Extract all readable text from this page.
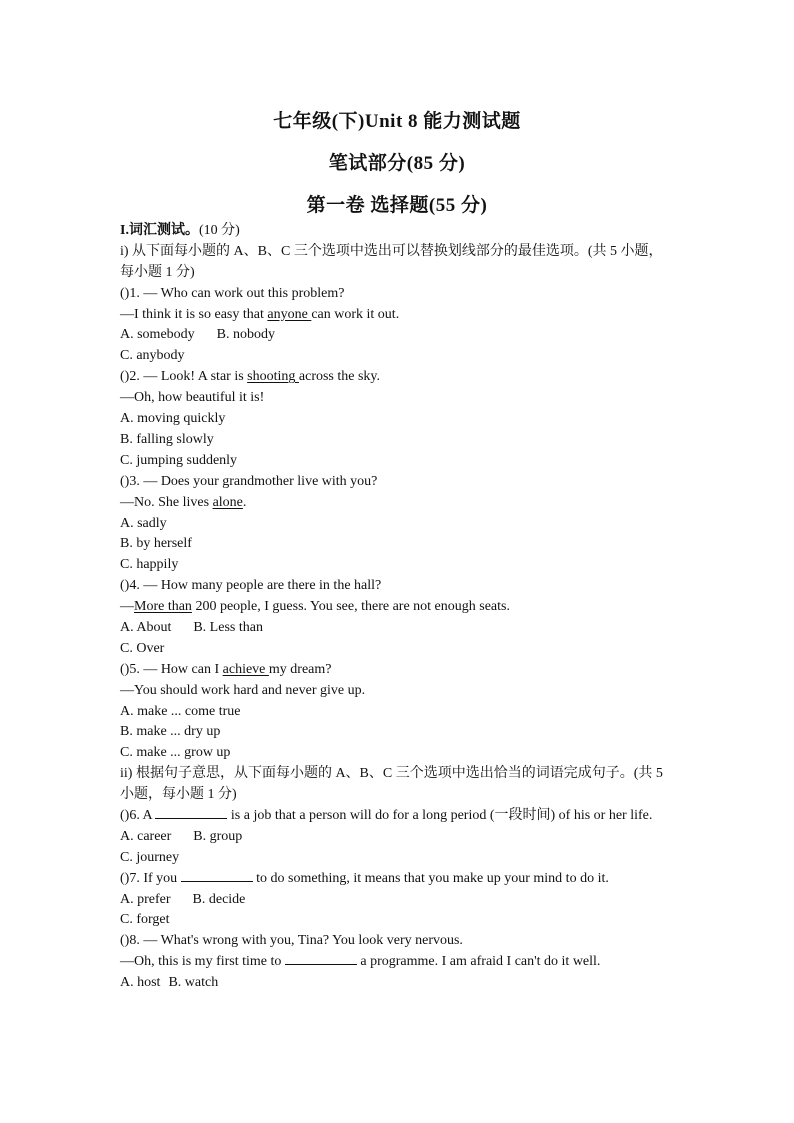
七年级(下)Unit 8 能力测试题
笔试部分(85 分)
第一卷 选择题(55 分)
I.词汇测试。(10 分)
i) 从下面每小题的 A、B、C 三个选项中选出可以替换划线部分的最佳选项。(共 5 小题，每小题 1 分)
()1. — Who can work out this problem?
—I think it is so easy that anyone can work it out.
A. somebody B. nobody
C. anybody
()2. — Look! A star is shooting across the sky.
—Oh, how beautiful it is!
A. moving quickly
B. falling slowly
C. jumping suddenly
()3. — Does your grandmother live with you?
—No. She lives alone.
A. sadly
B. by herself
C. happily
()4. — How many people are there in the hall?
—More than 200 people, I guess. You see, there are not enough seats.
A. About B. Less than
C. Over
()5. — How can I achieve my dream?
—You should work hard and never give up.
A. make ... come true
B. make ... dry up
C. make ... grow up
ii) 根据句子意思，从下面每小题的 A、B、C 三个选项中选出恰当的词语完成句子。(共 5 小题，每小题 1 分)
()6. A	is a job that a person will do for a long period (一段时间) of his or her life.
A. career B. group
C. journey
()7. If you	to do something, it means that you make up your mind to do it.
A. prefer B. decide
C. forget
()8. — What's wrong with you, Tina? You look very nervous.
—Oh, this is my first time to	a programme. I am afraid I can't do it well.
A. host B. watch
